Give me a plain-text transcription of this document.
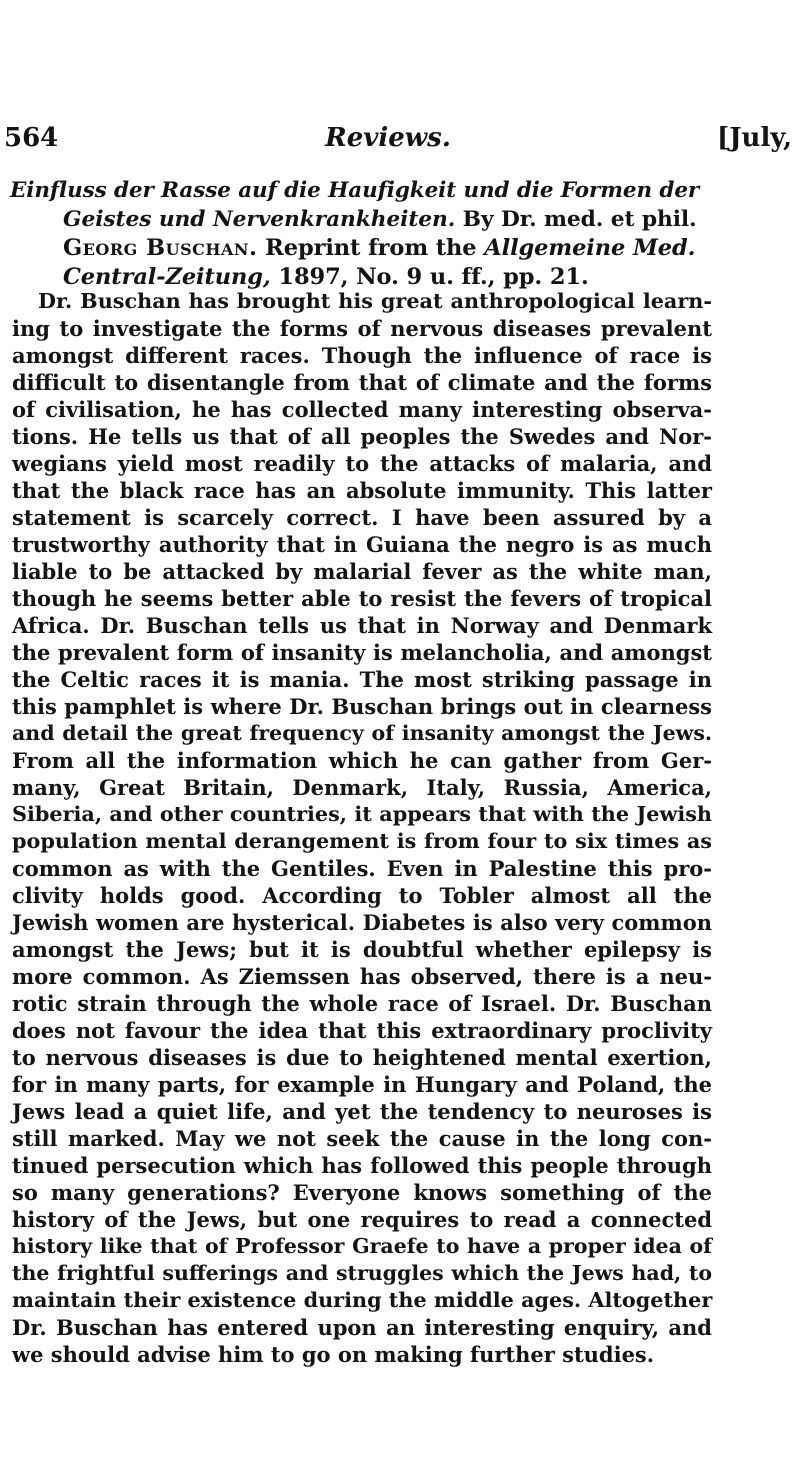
564	Reviews.	[July,
Einfluss der Rasse auf die Haufigkeit und die Formen der
Geistes und Nervenkrankheiten. By Dr. med. et phil.
Georg Buschan. Reprint from the Allgemeine Med.
Central-Zeitung, 1897, No. 9 u. ff., pp. 21.
Dr. Buschan has brought his great anthropological learn-
ing to investigate the forms of nervous diseases prevalent
amongst different races. Though the influence of race is
difficult to disentangle from that of climate and the forms
of civilisation, he has collected many interesting observa-
tions. He tells us that of all peoples the Swedes and Nor-
wegians yield most readily to the attacks of malaria, and
that the black race has an absolute immunity. This latter
statement is scarcely correct. I have been assured by a
trustworthy authority that in Guiana the negro is as much
liable to be attacked by malarial fever as the white man,
though he seems better able to resist the fevers of tropical
Africa. Dr. Buschan tells us that in Norway and Denmark
the prevalent form of insanity is melancholia, and amongst
the Celtic races it is mania. The most striking passage in
this pamphlet is where Dr. Buschan brings out in clearness
and detail the great frequency of insanity amongst the Jews.
From all the information which he can gather from Ger-
many, Great Britain, Denmark, Italy, Russia, America,
Siberia, and other countries, it appears that with the Jewish
population mental derangement is from four to six times as
common as with the Gentiles. Even in Palestine this pro-
clivity holds good. According to Tobler almost all the
Jewish women are hysterical. Diabetes is also very common
amongst the Jews; but it is doubtful whether epilepsy is
more common. As Ziemssen has observed, there is a neu-
rotic strain through the whole race of Israel. Dr. Buschan
does not favour the idea that this extraordinary proclivity
to nervous diseases is due to heightened mental exertion,
for in many parts, for example in Hungary and Poland, the
Jews lead a quiet life, and yet the tendency to neuroses is
still marked. May we not seek the cause in the long con-
tinued persecution which has followed this people through
so many generations? Everyone knows something of the
history of the Jews, but one requires to read a connected
history like that of Professor Graefe to have a proper idea of
the frightful sufferings and struggles which the Jews had, to
maintain their existence during the middle ages. Altogether
Dr. Buschan has entered upon an interesting enquiry, and
we should advise him to go on making further studies.
